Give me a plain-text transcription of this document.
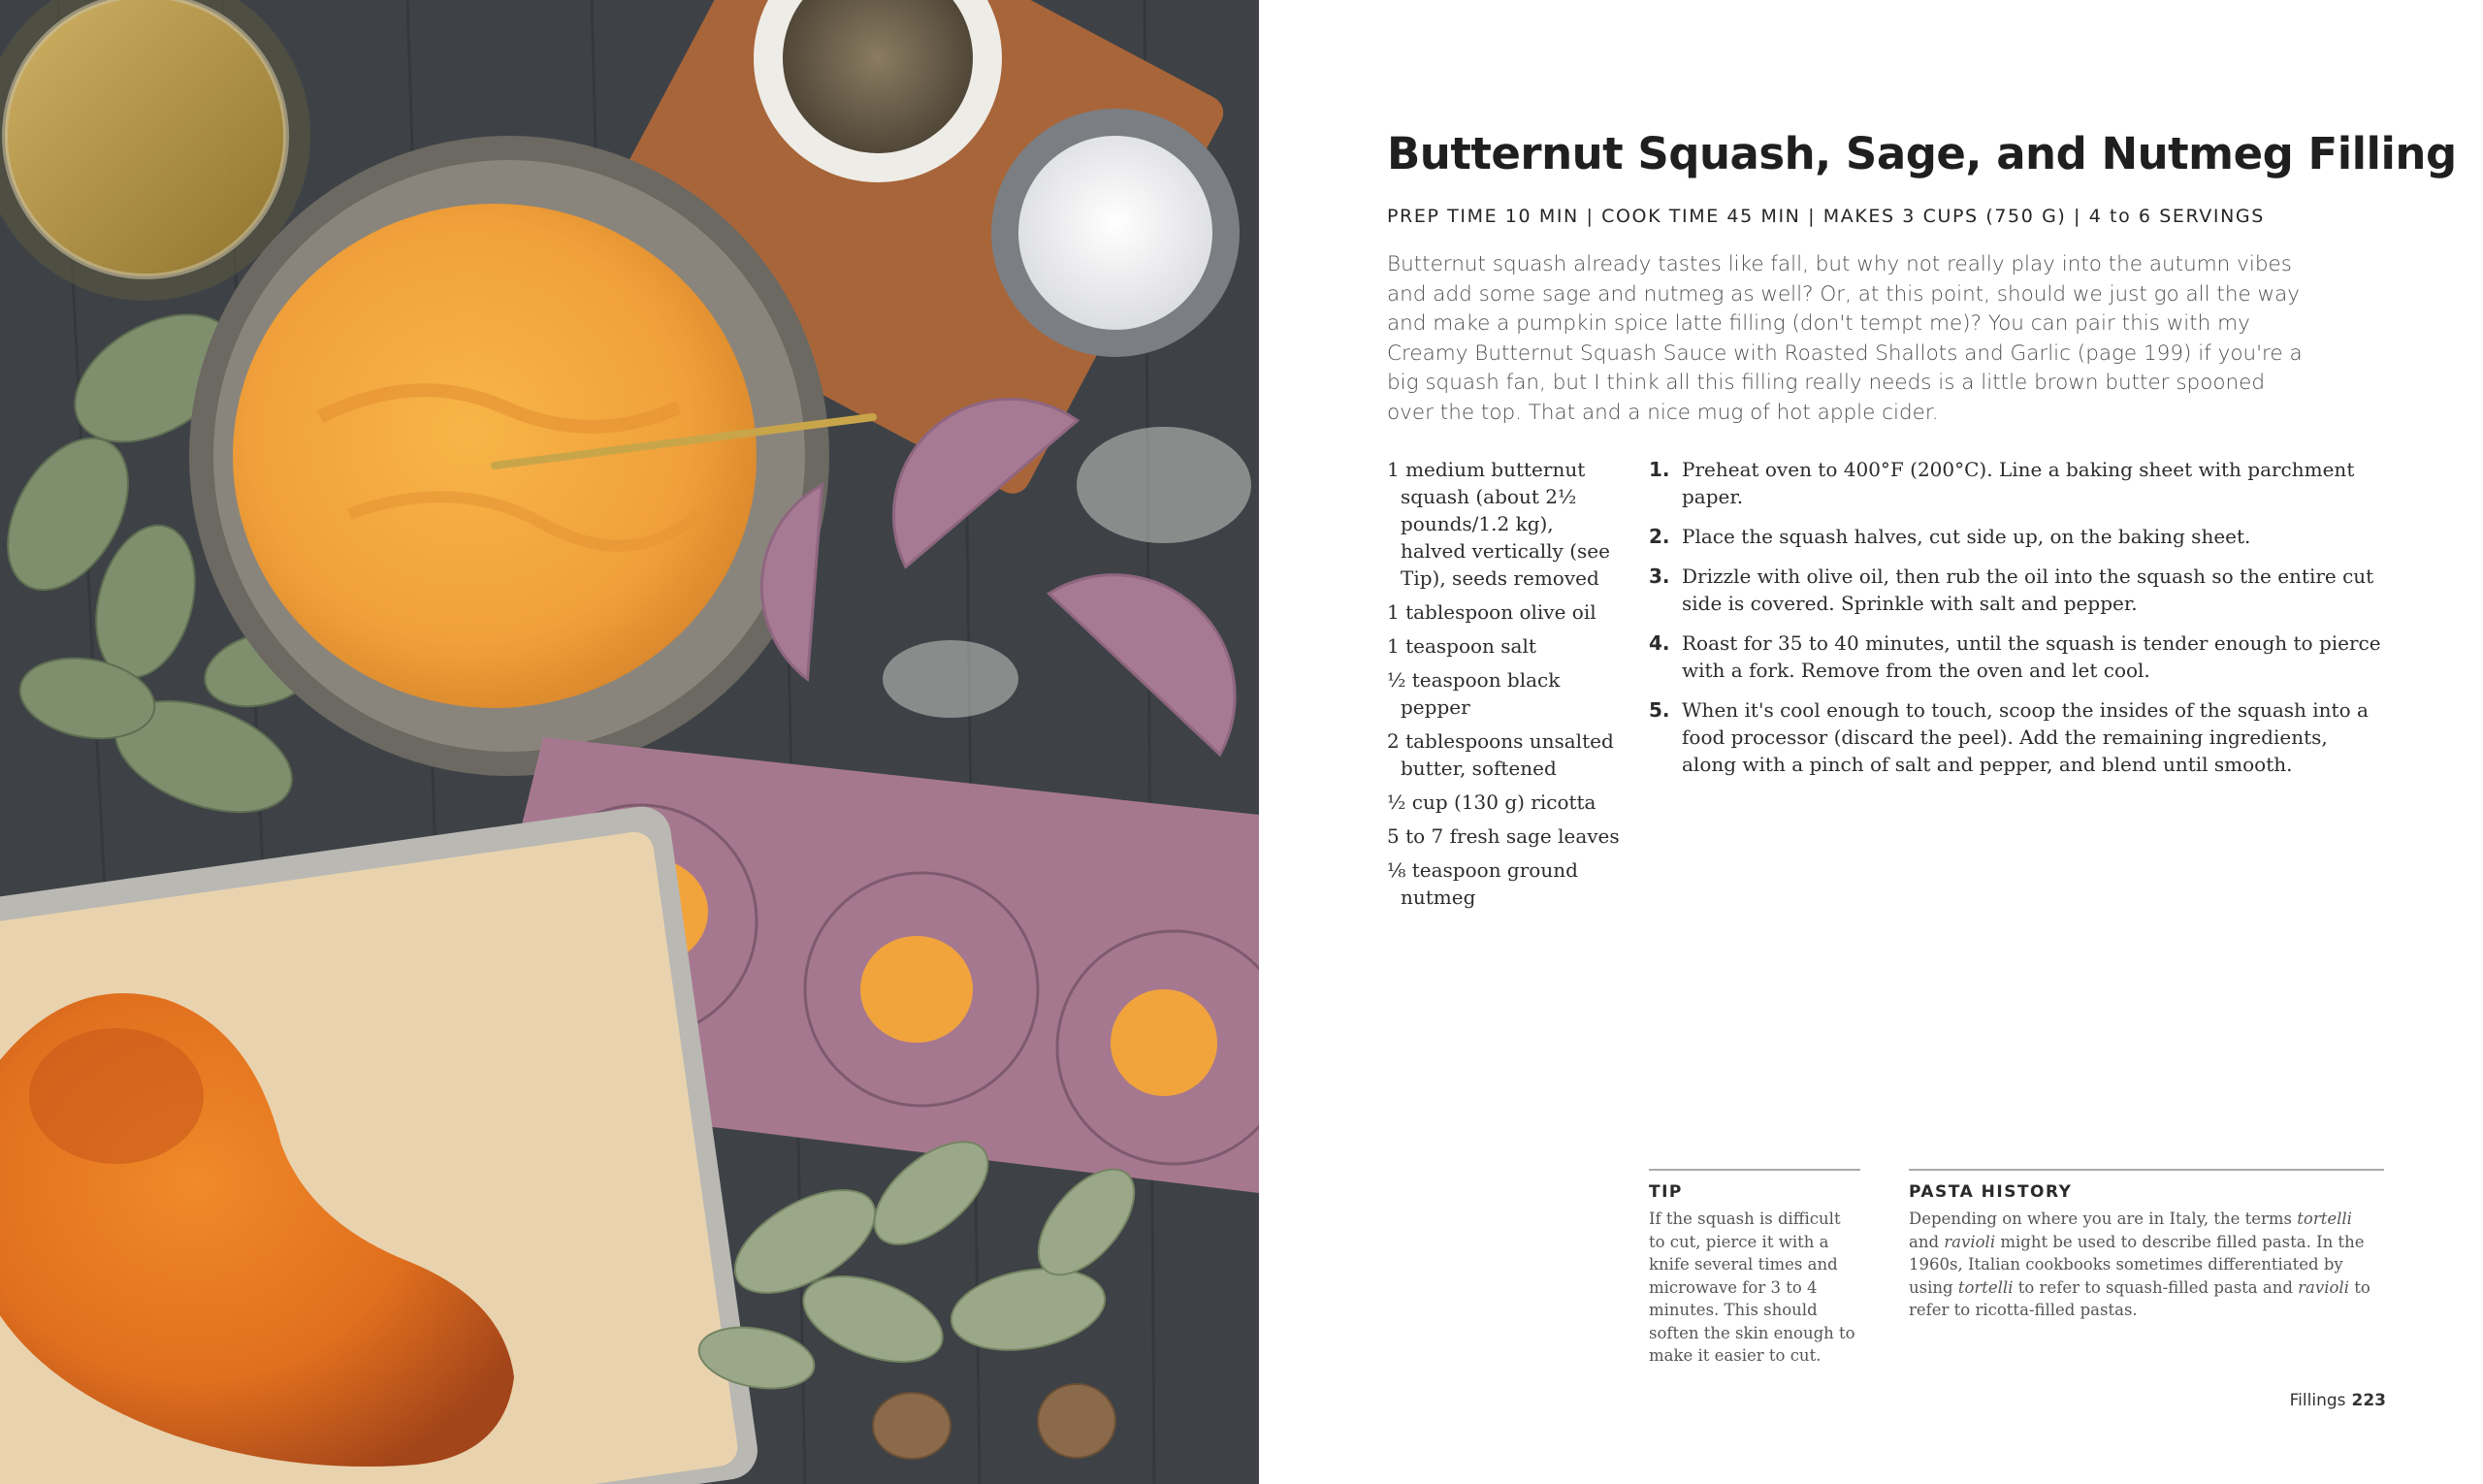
Butternut Squash, Sage, and Nutmeg Filling
PREP TIME 10 MIN | COOK TIME 45 MIN | MAKES 3 CUPS (750 G) | 4 to 6 SERVINGS

Butternut squash already tastes like fall, but why not really play into the autumn vibes and add some sage and nutmeg as well? Or, at this point, should we just go all the way and make a pumpkin spice latte filling (don't tempt me)? You can pair this with my Creamy Butternut Squash Sauce with Roasted Shallots and Garlic (page 199) if you're a big squash fan, but I think all this filling really needs is a little brown butter spooned over the top. That and a nice mug of hot apple cider.

1 medium butternut squash (about 2½ pounds/1.2 kg), halved vertically (see Tip), seeds removed
1 tablespoon olive oil
1 teaspoon salt
½ teaspoon black pepper
2 tablespoons unsalted butter, softened
½ cup (130 g) ricotta
5 to 7 fresh sage leaves
⅛ teaspoon ground nutmeg
1. Preheat oven to 400°F (200°C). Line a baking sheet with parchment paper.
2. Place the squash halves, cut side up, on the baking sheet.
3. Drizzle with olive oil, then rub the oil into the squash so the entire cut side is covered. Sprinkle with salt and pepper.
4. Roast for 35 to 40 minutes, until the squash is tender enough to pierce with a fork. Remove from the oven and let cool.
5. When it's cool enough to touch, scoop the insides of the squash into a food processor (discard the peel). Add the remaining ingredients, along with a pinch of salt and pepper, and blend until smooth.
TIP

If the squash is difficult to cut, pierce it with a knife several times and microwave for 3 to 4 minutes. This should soften the skin enough to make it easier to cut.

PASTA HISTORY

Depending on where you are in Italy, the terms tortelli and ravioli might be used to describe filled pasta. In the 1960s, Italian cookbooks sometimes differentiated by using tortelli to refer to squash-filled pasta and ravioli to refer to ricotta-filled pastas.

Fillings 223
